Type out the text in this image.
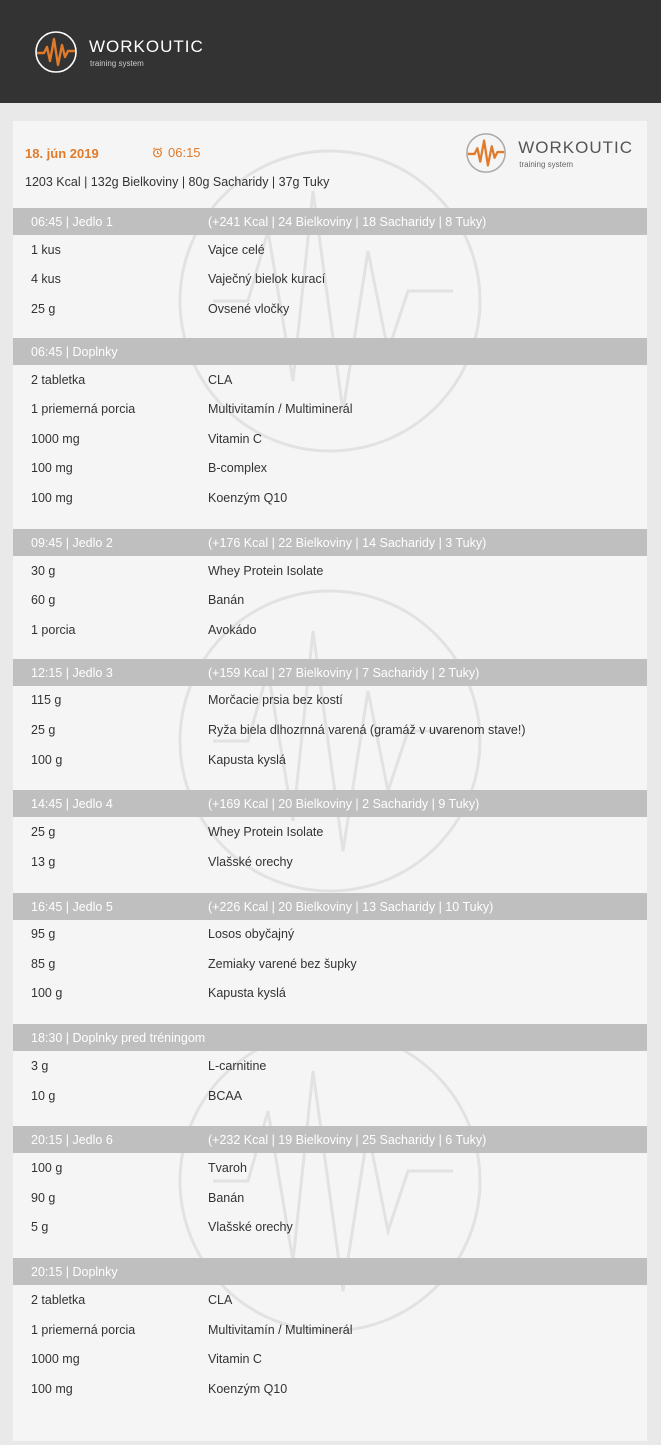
WORKOUTIC
training system
WORKOUTIC
training system
18. jún 2019	06:15
1203 Kcal | 132g Bielkoviny | 80g Sacharidy | 37g Tuky
06:45 | Jedlo 1	(+241 Kcal | 24 Bielkoviny | 18 Sacharidy | 8 Tuky)
1 kus	Vajce celé
4 kus	Vaječný bielok kurací
25 g	Ovsené vločky
06:45 | Doplnky
2 tabletka	CLA
1 priemerná porcia	Multivitamín / Multiminerál
1000 mg	Vitamin C
100 mg	B-complex
100 mg	Koenzým Q10
09:45 | Jedlo 2	(+176 Kcal | 22 Bielkoviny | 14 Sacharidy | 3 Tuky)
30 g	Whey Protein Isolate
60 g	Banán
1 porcia	Avokádo
12:15 | Jedlo 3	(+159 Kcal | 27 Bielkoviny | 7 Sacharidy | 2 Tuky)
115 g	Morčacie prsia bez kostí
25 g	Ryža biela dlhozrnná varená (gramáž v uvarenom stave!)
100 g	Kapusta kyslá
14:45 | Jedlo 4	(+169 Kcal | 20 Bielkoviny | 2 Sacharidy | 9 Tuky)
25 g	Whey Protein Isolate
13 g	Vlašské orechy
16:45 | Jedlo 5	(+226 Kcal | 20 Bielkoviny | 13 Sacharidy | 10 Tuky)
95 g	Losos obyčajný
85 g	Zemiaky varené bez šupky
100 g	Kapusta kyslá
18:30 | Doplnky pred tréningom
3 g	L-carnitine
10 g	BCAA
20:15 | Jedlo 6	(+232 Kcal | 19 Bielkoviny | 25 Sacharidy | 6 Tuky)
100 g	Tvaroh
90 g	Banán
5 g	Vlašské orechy
20:15 | Doplnky
2 tabletka	CLA
1 priemerná porcia	Multivitamín / Multiminerál
1000 mg	Vitamin C
100 mg	Koenzým Q10
